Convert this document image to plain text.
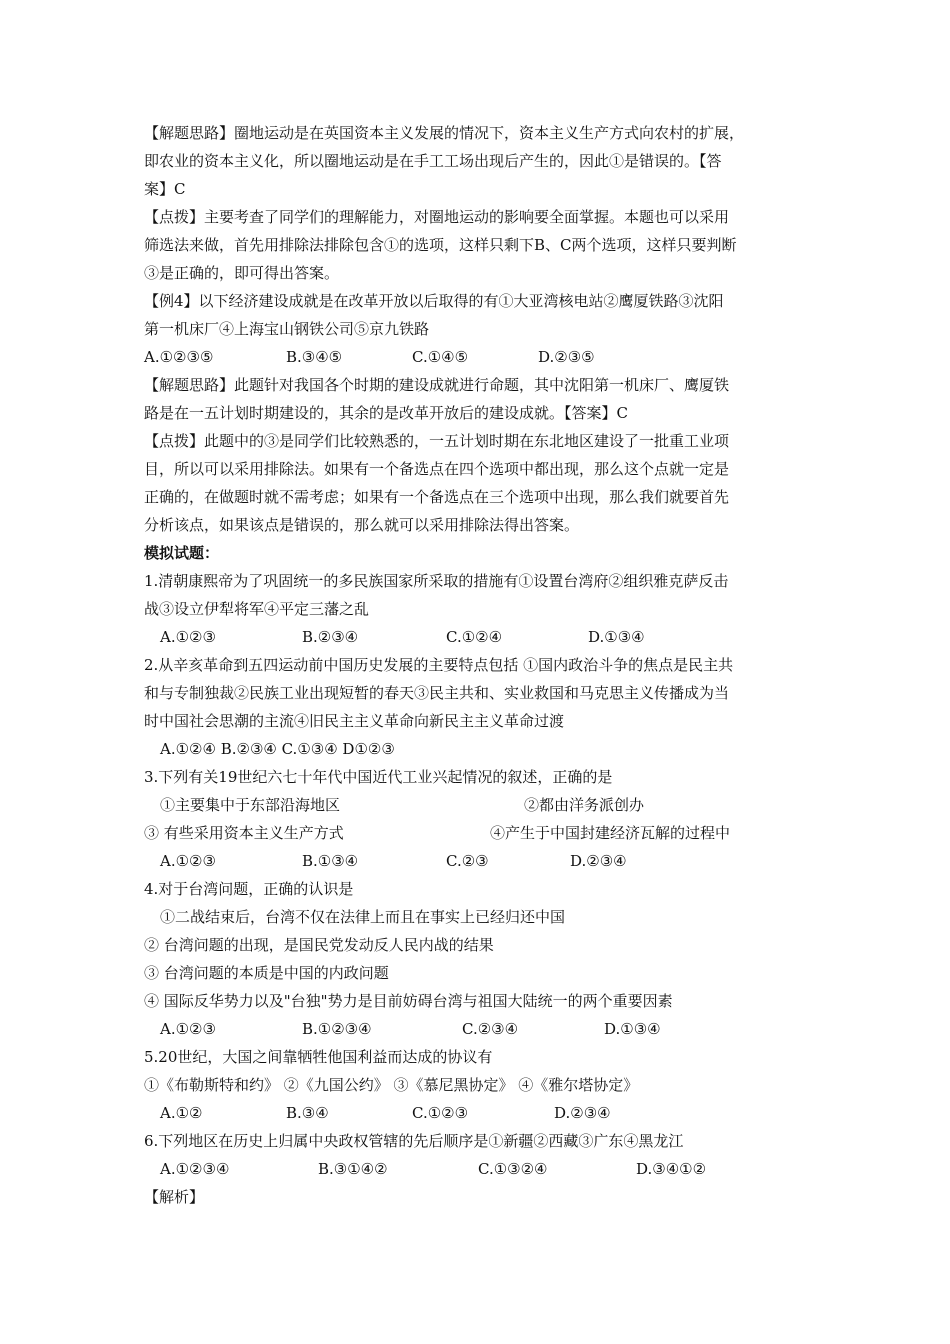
【解题思路】圈地运动是在英国资本主义发展的情况下，资本主义生产方式向农村的扩展，
即农业的资本主义化，所以圈地运动是在手工工场出现后产生的，因此①是错误的。【答
案】C
【点拨】主要考查了同学们的理解能力，对圈地运动的影响要全面掌握。本题也可以采用
筛选法来做，首先用排除法排除包含①的选项，这样只剩下B、C两个选项，这样只要判断
③是正确的，即可得出答案。
【例4】以下经济建设成就是在改革开放以后取得的有①大亚湾核电站②鹰厦铁路③沈阳
第一机床厂④上海宝山钢铁公司⑤京九铁路
A.①②③⑤	B.③④⑤	C.①④⑤	D.②③⑤
【解题思路】此题针对我国各个时期的建设成就进行命题，其中沈阳第一机床厂、鹰厦铁
路是在一五计划时期建设的，其余的是改革开放后的建设成就。【答案】C
【点拨】此题中的③是同学们比较熟悉的，一五计划时期在东北地区建设了一批重工业项
目，所以可以采用排除法。如果有一个备选点在四个选项中都出现，那么这个点就一定是
正确的，在做题时就不需考虑；如果有一个备选点在三个选项中出现，那么我们就要首先
分析该点，如果该点是错误的，那么就可以采用排除法得出答案。
模拟试题：
1.清朝康熙帝为了巩固统一的多民族国家所采取的措施有①设置台湾府②组织雅克萨反击
战③设立伊犁将军④平定三藩之乱
A.①②③	B.②③④	C.①②④	D.①③④
2.从辛亥革命到五四运动前中国历史发展的主要特点包括 ①国内政治斗争的焦点是民主共
和与专制独裁②民族工业出现短暂的春天③民主共和、实业救国和马克思主义传播成为当
时中国社会思潮的主流④旧民主主义革命向新民主主义革命过渡
A.①②④ B.②③④ C.①③④ D①②③
3.下列有关19世纪六七十年代中国近代工业兴起情况的叙述，正确的是
①主要集中于东部沿海地区	②都由洋务派创办
③ 有些采用资本主义生产方式	④产生于中国封建经济瓦解的过程中
A.①②③	B.①③④	C.②③	D.②③④
4.对于台湾问题，正确的认识是
①二战结束后，台湾不仅在法律上而且在事实上已经归还中国
② 台湾问题的出现，是国民党发动反人民内战的结果
③ 台湾问题的本质是中国的内政问题
④ 国际反华势力以及"台独"势力是目前妨碍台湾与祖国大陆统一的两个重要因素
A.①②③	B.①②③④	C.②③④	D.①③④
5.20世纪，大国之间靠牺牲他国利益而达成的协议有
①《布勒斯特和约》 ②《九国公约》 ③《慕尼黑协定》 ④《雅尔塔协定》
A.①②	B.③④	C.①②③	D.②③④
6.下列地区在历史上归属中央政权管辖的先后顺序是①新疆②西藏③广东④黑龙江
A.①②③④	B.③①④②	C.①③②④	D.③④①②
【解析】
